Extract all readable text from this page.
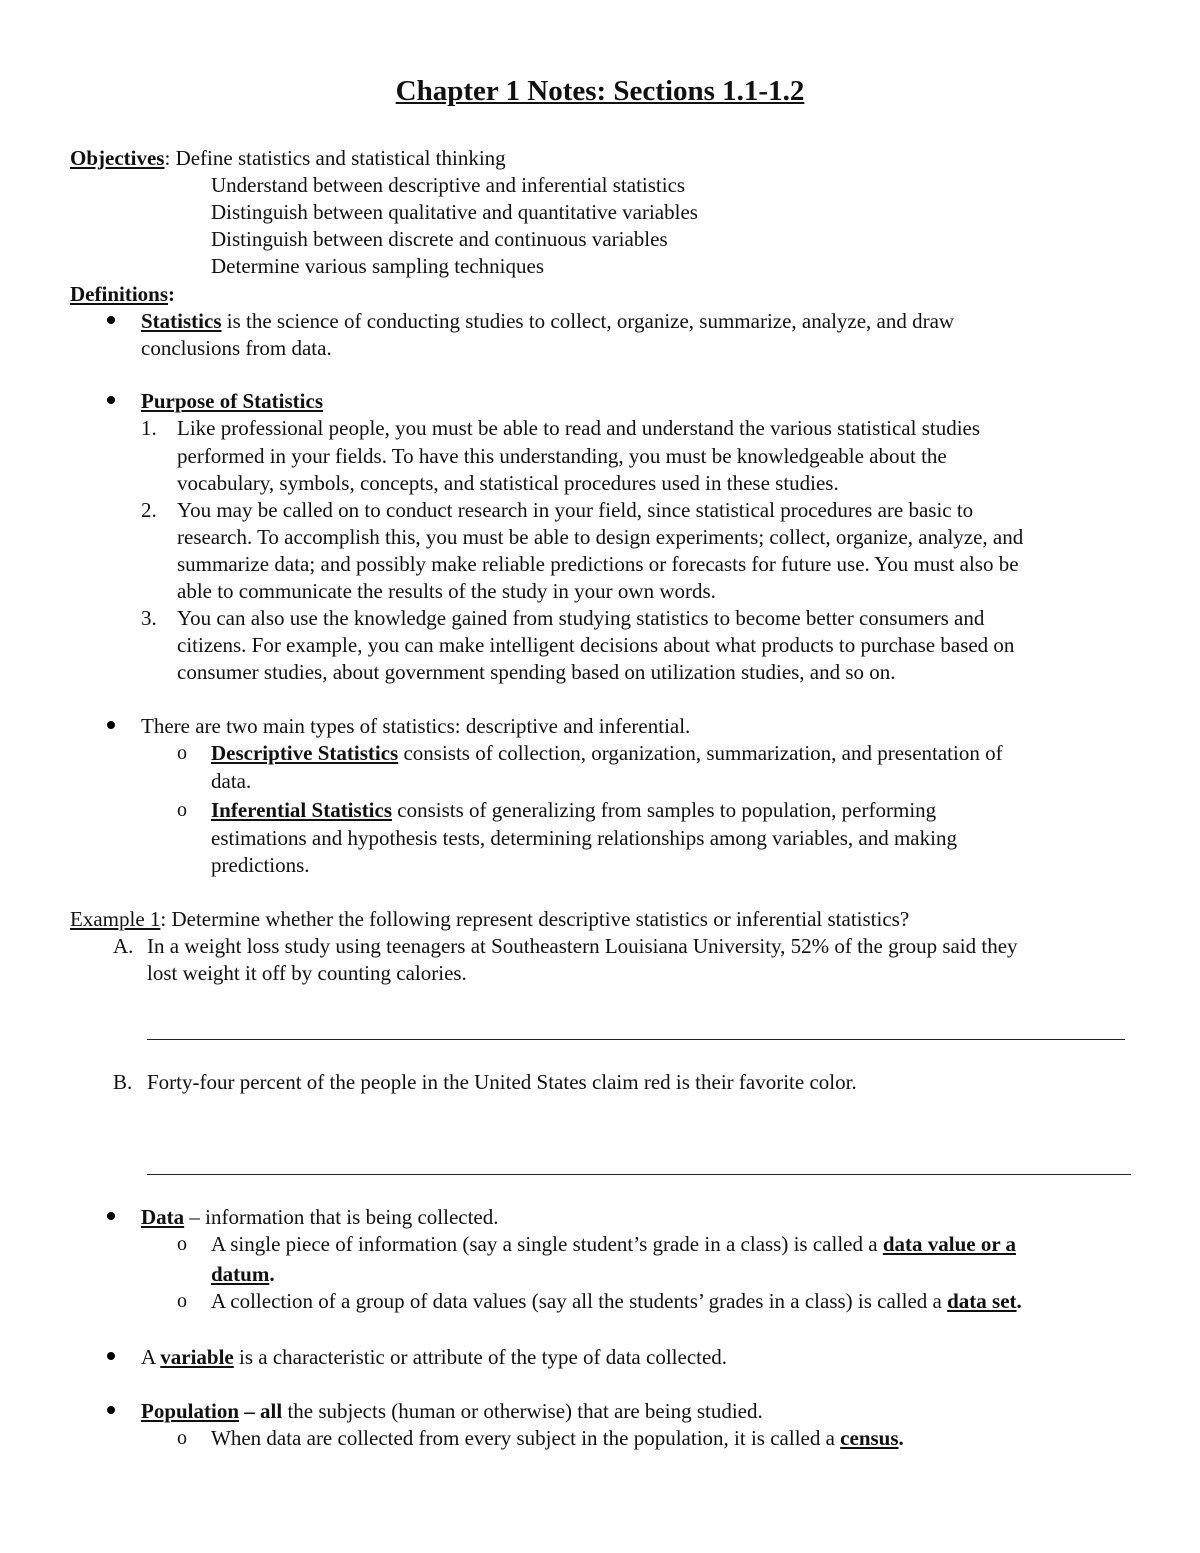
Chapter 1 Notes: Sections 1.1-1.2
Objectives: Define statistics and statistical thinking
Understand between descriptive and inferential statistics
Distinguish between qualitative and quantitative variables
Distinguish between discrete and continuous variables
Determine various sampling techniques
Definitions:
Statistics is the science of conducting studies to collect, organize, summarize, analyze, and draw
conclusions from data.
Purpose of Statistics
1. Like professional people, you must be able to read and understand the various statistical studies
performed in your fields. To have this understanding, you must be knowledgeable about the
vocabulary, symbols, concepts, and statistical procedures used in these studies.
2. You may be called on to conduct research in your field, since statistical procedures are basic to
research. To accomplish this, you must be able to design experiments; collect, organize, analyze, and
summarize data; and possibly make reliable predictions or forecasts for future use. You must also be
able to communicate the results of the study in your own words.
3. You can also use the knowledge gained from studying statistics to become better consumers and
citizens. For example, you can make intelligent decisions about what products to purchase based on
consumer studies, about government spending based on utilization studies, and so on.
There are two main types of statistics: descriptive and inferential.
o Descriptive Statistics consists of collection, organization, summarization, and presentation of
data.
o Inferential Statistics consists of generalizing from samples to population, performing
estimations and hypothesis tests, determining relationships among variables, and making
predictions.
Example 1: Determine whether the following represent descriptive statistics or inferential statistics?
A. In a weight loss study using teenagers at Southeastern Louisiana University, 52% of the group said they
lost weight it off by counting calories.
B. Forty-four percent of the people in the United States claim red is their favorite color.
Data – information that is being collected.
o A single piece of information (say a single student’s grade in a class) is called a data value or a
datum.
o A collection of a group of data values (say all the students’ grades in a class) is called a data set.
A variable is a characteristic or attribute of the type of data collected.
Population – all the subjects (human or otherwise) that are being studied.
o When data are collected from every subject in the population, it is called a census.
